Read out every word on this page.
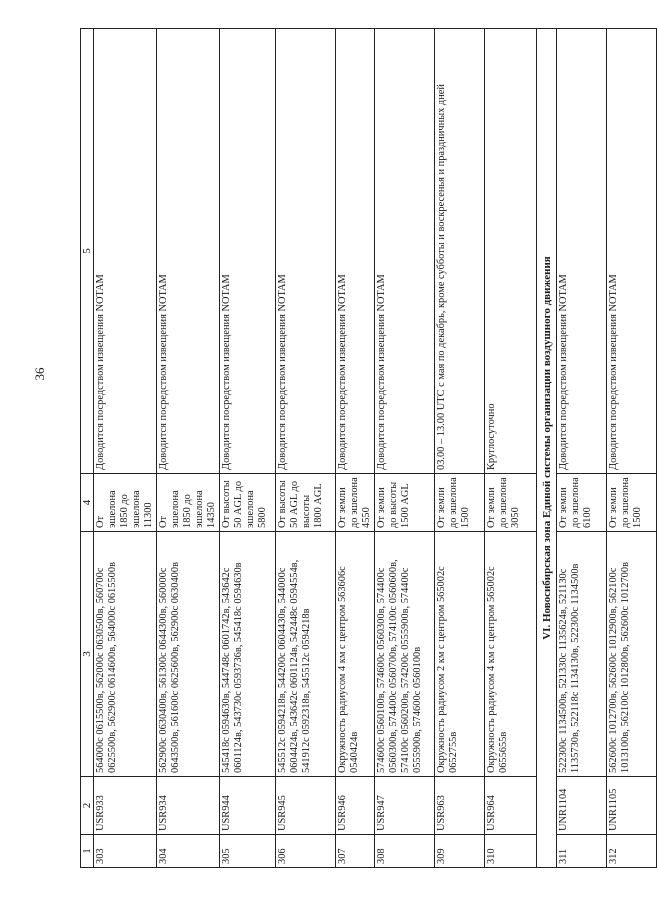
36
1	2	3	4	5
303	USR933	564000с 0615500в, 562000с 0630500в, 560700с 0625500в, 562900с 0614600в, 564000с 0615500в	От эшелона 1850 до эшелона 11300	Доводится посредством извещения NOTAM
304	USR934	562900с 0630400в, 561300с 0644300в, 560000с 0643500в, 561600с 0625600в, 562900с 0630400в	От эшелона 1850 до эшелона 14350	Доводится посредством извещения NOTAM
305	USR944	545418с 0594630в, 544748с 0601742в, 543642с 0601124в, 543730с 0593736в, 545418с 0594630в	От высоты 50 AGL до эшелона 5800	Доводится посредством извещения NOTAM
306	USR945	545512с 0594218в, 544200с 0604430в, 544000с 0604424в, 543642с 0601124в, 542448с 0594554в, 541912с 0592318в, 545512с 0594218в	От высоты 50 AGL до высоты 1800 AGL	Доводится посредством извещения NOTAM
307	USR946	Окружность радиусом 4 км с центром 563606с 0540424в	От земли до эшелона 4550	Доводится посредством извещения NOTAM
308	USR947	574600с 0560100в, 574600с 0560300в, 574400с 0560300в, 574400с 0560700в, 574100с 0560600в, 574100с 0560200в, 574200с 0555900в, 574400с 0555900в, 574600с 0560100в	От земли до высоты 1500 AGL	Доводится посредством извещения NOTAM
309	USR963	Окружность радиусом 2 км с центром 565002с 0652755в	От земли до эшелона 1500	03.00 – 13.00 UTC с мая по декабрь, кроме субботы и воскресенья и праздничных дней
310	USR964	Окружность радиусом 4 км с центром 565002с 0655655в	От земли до эшелона 3050	Круглосуточно
VI. Новосибирская зона Единой системы организации воздушного движения				
311	UNR1104	522300с 1134500в, 521330с 1135624в, 521130с 1135730в, 522118с 1134130в, 522300с 1134500в	От земли до эшелона 6100	Доводится посредством извещения NOTAM
312	UNR1105	562600с 1012700в, 562600с 1012900в, 562100с 1013100в, 562100с 1012800в, 562600с 1012700в	От земли до эшелона 1500	Доводится посредством извещения NOTAM
